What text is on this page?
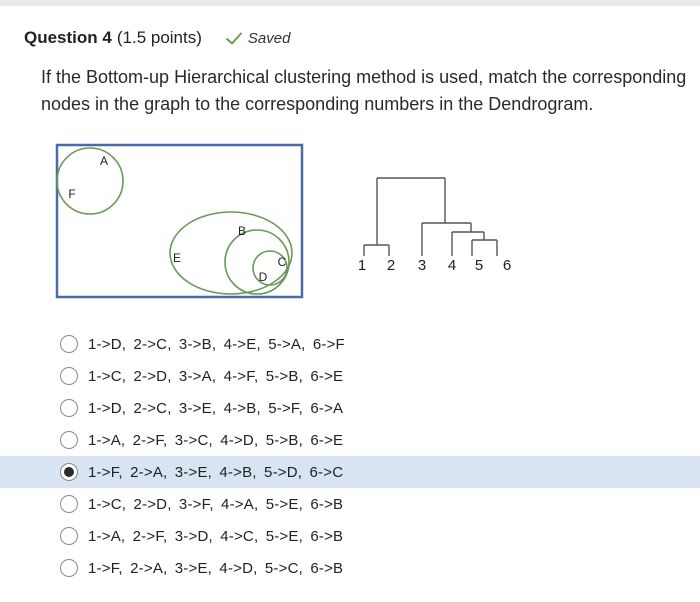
Question 4 (1.5 points)	Saved
If the Bottom-up Hierarchical clustering method is used, match the corresponding nodes in the graph to the corresponding numbers in the Dendrogram.
A
F
B
E	C
D
1 2 3 4 5 6
1->D, 2->C, 3->B, 4->E, 5->A, 6->F
1->C, 2->D, 3->A, 4->F, 5->B, 6->E
1->D, 2->C, 3->E, 4->B, 5->F, 6->A
1->A, 2->F, 3->C, 4->D, 5->B, 6->E
1->F, 2->A, 3->E, 4->B, 5->D, 6->C
1->C, 2->D, 3->F, 4->A, 5->E, 6->B
1->A, 2->F, 3->D, 4->C, 5->E, 6->B
1->F, 2->A, 3->E, 4->D, 5->C, 6->B
